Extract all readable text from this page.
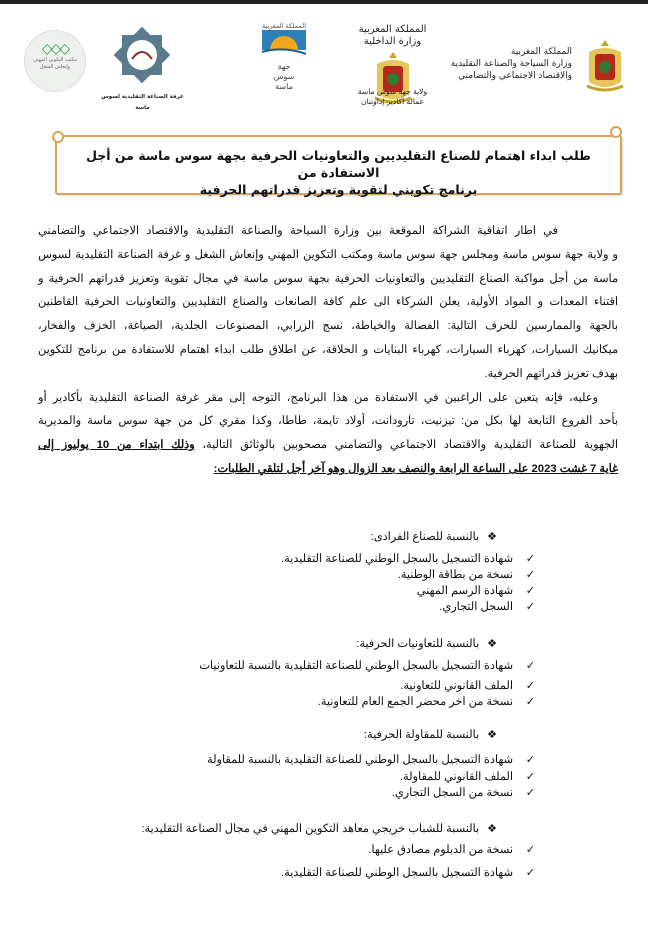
المملكة المغربية
وزارة السياحة والصناعة التقليدية
والاقتصاد الاجتماعي والتضامني
المملكة المغربية
وزارة الداخلية
ولاية جهة سوس ماسة
عمالة أكادير إداوتنان
المملكة المغربية
جهة
سوس
ماسة
غرفة الصناعة التقليدية لسوس ماسة
◇◇◇
مكتب التكوين المهني
وإنعاش الشغل
طلب ابداء اهتمام للصناع التقليديين والتعاونيات الحرفية بجهة سوس ماسة من أجل الاستفادة من
برنامج تكويني لتقوية وتعزيز قدراتهم الحرفية
في اطار اتفاقية الشراكة الموقعة بين وزارة السياحة والصناعة التقليدية والاقتصاد الاجتماعي والتضامني
و ولاية جهة سوس ماسة ومجلس جهة سوس ماسة ومكتب التكوين المهني وإنعاش الشغل و غرفة الصناعة التقليدية لسوس
ماسة من أجل مواكبة الصناع التقليديين والتعاونيات الحرفية بجهة سوس ماسة في مجال تقوية وتعزيز قدراتهم الحرفية و
اقتناء المعدات و المواد الأولية، يعلن الشركاء الى علم كافة الصانعات والصناع التقليديين والتعاونيات الحرفية القاطنين
بالجهة والممارسين للحرف التالية: الفصالة والخياطة، نسج الزرابي، المصنوعات الجلدية، الصياغة، الخزف والفخار،
ميكانيك السيارات، كهرباء السيارات، كهرباء البنايات و الحلاقة، عن اطلاق طلب ابداء اهتمام للاستفادة من برنامج للتكوين
بهدف تعزيز قدراتهم الحرفية.
وعليه، فإنه يتعين على الراغبين في الاستفادة من هذا البرنامج، التوجه إلى مقر غرفة الصناعة التقليدية بأكادير أو
بأحد الفروع التابعة لها بكل من: تيزنيت، تارودانت، أولاد تايمة، طاطا، وكذا مقري كل من جهة سوس ماسة والمديرية
الجهوية للصناعة التقليدية والاقتصاد الاجتماعي والتضامني مصحوبين بالوثائق التالية، وذلك ابتداء من 10 يوليوز إلى
غاية 7 غشت 2023 على الساعة الرابعة والنصف بعد الزوال وهو آخر أجل لتلقي الطلبات:
❖بالنسبة للصناع الفرادى:
✓شهادة التسجيل بالسجل الوطني للصناعة التقليدية.
✓نسخة من بطاقة الوطنية.
✓شهادة الرسم المهني
✓السجل التجاري.
❖بالنسبة للتعاونيات الحرفية:
✓شهادة التسجيل بالسجل الوطني للصناعة التقليدية بالنسبة للتعاونيات
✓الملف القانوني للتعاونية.
✓نسخة من اخر محضر الجمع العام للتعاونية.
❖بالنسبة للمقاولة الحرفية:
✓شهادة التسجيل بالسجل الوطني للصناعة التقليدية بالنسبة للمقاولة
✓الملف القانوني للمقاولة.
✓نسخة من السجل التجاري.
❖بالنسبة للشباب خريجي معاهد التكوين المهني في مجال الصناعة التقليدية:
✓نسخة من الدبلوم مصادق عليها.
✓شهادة التسجيل بالسجل الوطني للصناعة التقليدية.
